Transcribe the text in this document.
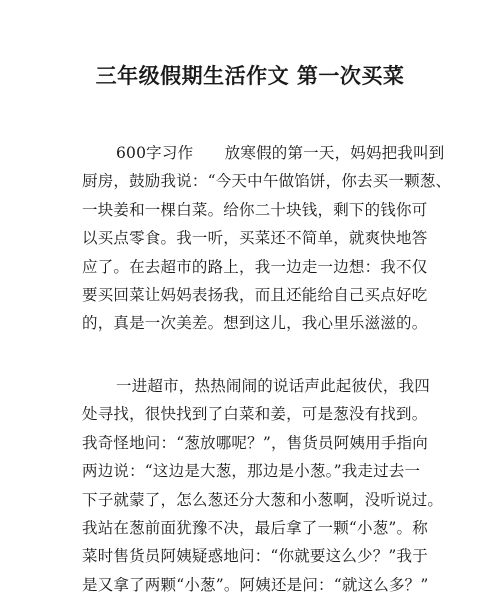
三年级假期生活作文 第一次买菜
600字习作　　放寒假的第一天，妈妈把我叫到
厨房，鼓励我说：“今天中午做馅饼，你去买一颗葱、
一块姜和一棵白菜。给你二十块钱，剩下的钱你可
以买点零食。我一听，买菜还不简单，就爽快地答
应了。在去超市的路上，我一边走一边想：我不仅
要买回菜让妈妈表扬我，而且还能给自己买点好吃
的，真是一次美差。想到这儿，我心里乐滋滋的。
一进超市，热热闹闹的说话声此起彼伏，我四
处寻找，很快找到了白菜和姜，可是葱没有找到。
我奇怪地问：“葱放哪呢？”，售货员阿姨用手指向
两边说：“这边是大葱，那边是小葱。”我走过去一
下子就蒙了，怎么葱还分大葱和小葱啊，没听说过。
我站在葱前面犹豫不决，最后拿了一颗“小葱”。称
菜时售货员阿姨疑惑地问：“你就要这么少？”我于
是又拿了两颗“小葱”。阿姨还是问：“就这么多？”
